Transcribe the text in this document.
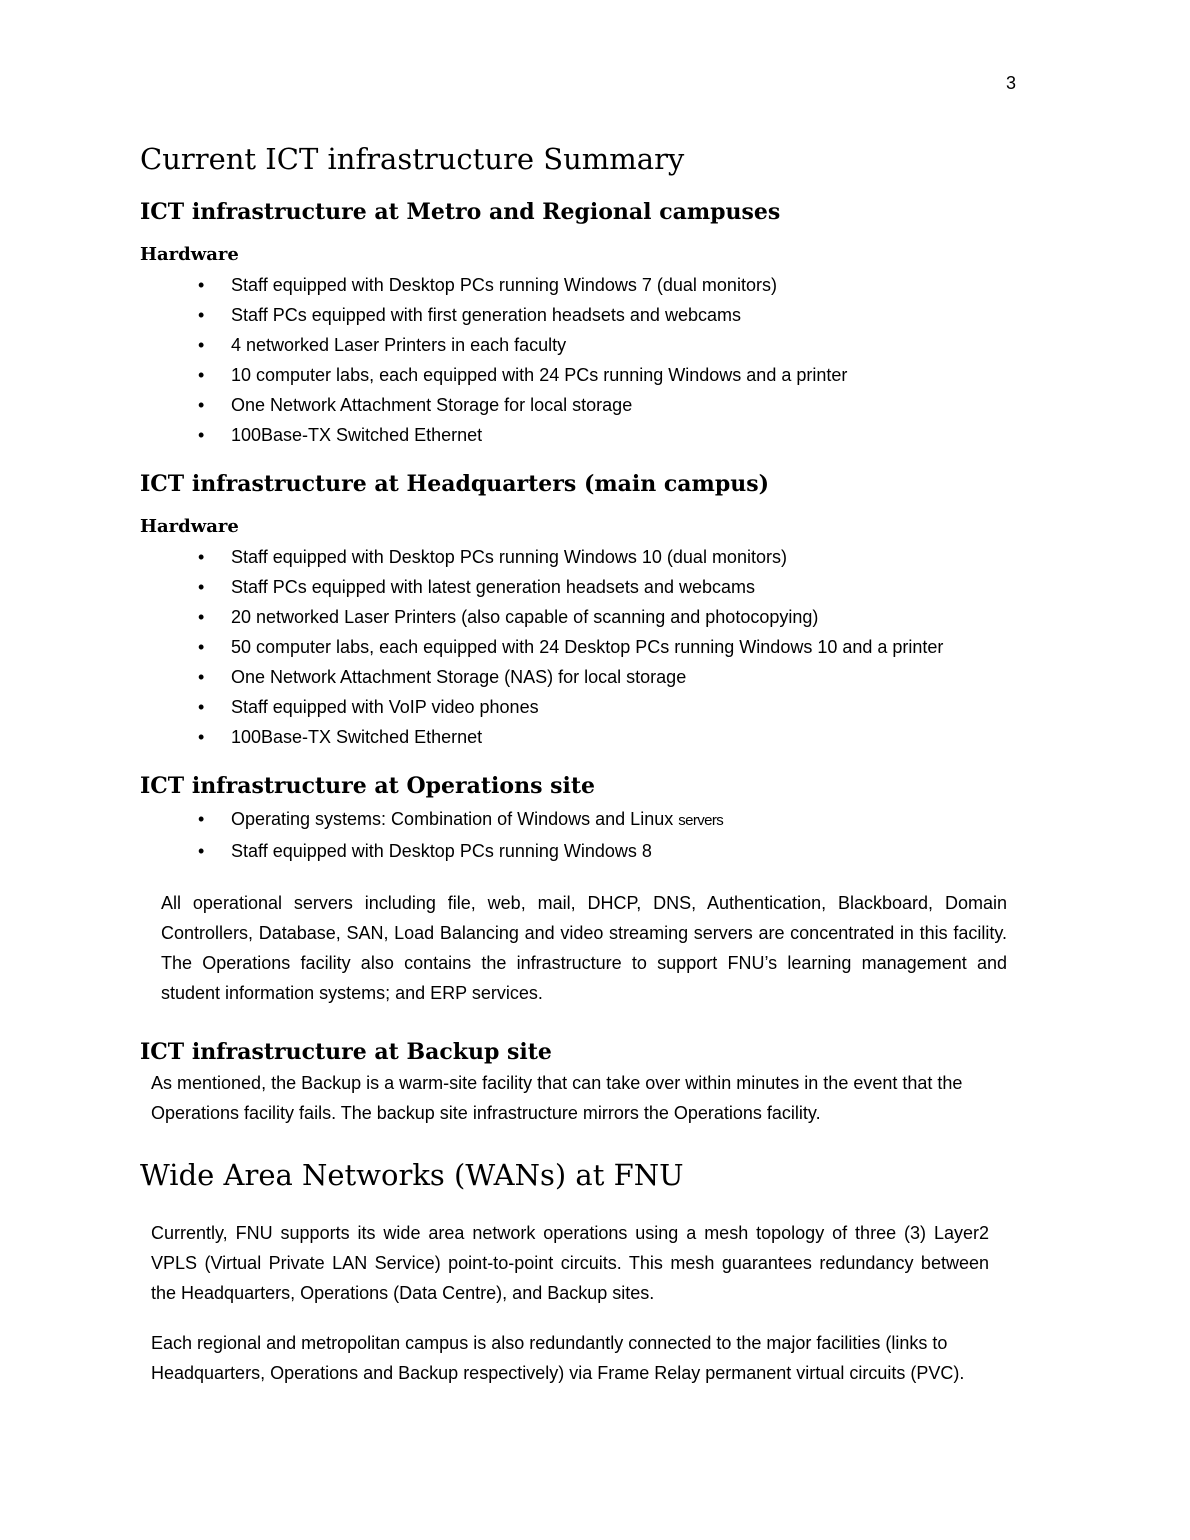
3
Current ICT infrastructure Summary
ICT infrastructure at Metro and Regional campuses
Hardware
• Staff equipped with Desktop PCs running Windows 7 (dual monitors)
• Staff PCs equipped with first generation headsets and webcams
• 4 networked Laser Printers in each faculty
• 10 computer labs, each equipped with 24 PCs running Windows and a printer
• One Network Attachment Storage for local storage
• 100Base-TX Switched Ethernet
ICT infrastructure at Headquarters (main campus)
Hardware
• Staff equipped with Desktop PCs running Windows 10 (dual monitors)
• Staff PCs equipped with latest generation headsets and webcams
• 20 networked Laser Printers (also capable of scanning and photocopying)
• 50 computer labs, each equipped with 24 Desktop PCs running Windows 10 and a printer
• One Network Attachment Storage (NAS) for local storage
• Staff equipped with VoIP video phones
• 100Base-TX Switched Ethernet
ICT infrastructure at Operations site
• Operating systems: Combination of Windows and Linux servers
• Staff equipped with Desktop PCs running Windows 8

All operational servers including file, web, mail, DHCP, DNS, Authentication, Blackboard, Domain Controllers, Database, SAN, Load Balancing and video streaming servers are concentrated in this facility. The Operations facility also contains the infrastructure to support FNU’s learning management and student information systems; and ERP services.

ICT infrastructure at Backup site

As mentioned, the Backup is a warm-site facility that can take over within minutes in the event that the Operations facility fails. The backup site infrastructure mirrors the Operations facility.

Wide Area Networks (WANs) at FNU

Currently, FNU supports its wide area network operations using a mesh topology of three (3) Layer2 VPLS (Virtual Private LAN Service) point-to-point circuits. This mesh guarantees redundancy between the Headquarters, Operations (Data Centre), and Backup sites.

Each regional and metropolitan campus is also redundantly connected to the major facilities (links to
Headquarters, Operations and Backup respectively) via Frame Relay permanent virtual circuits (PVC).
